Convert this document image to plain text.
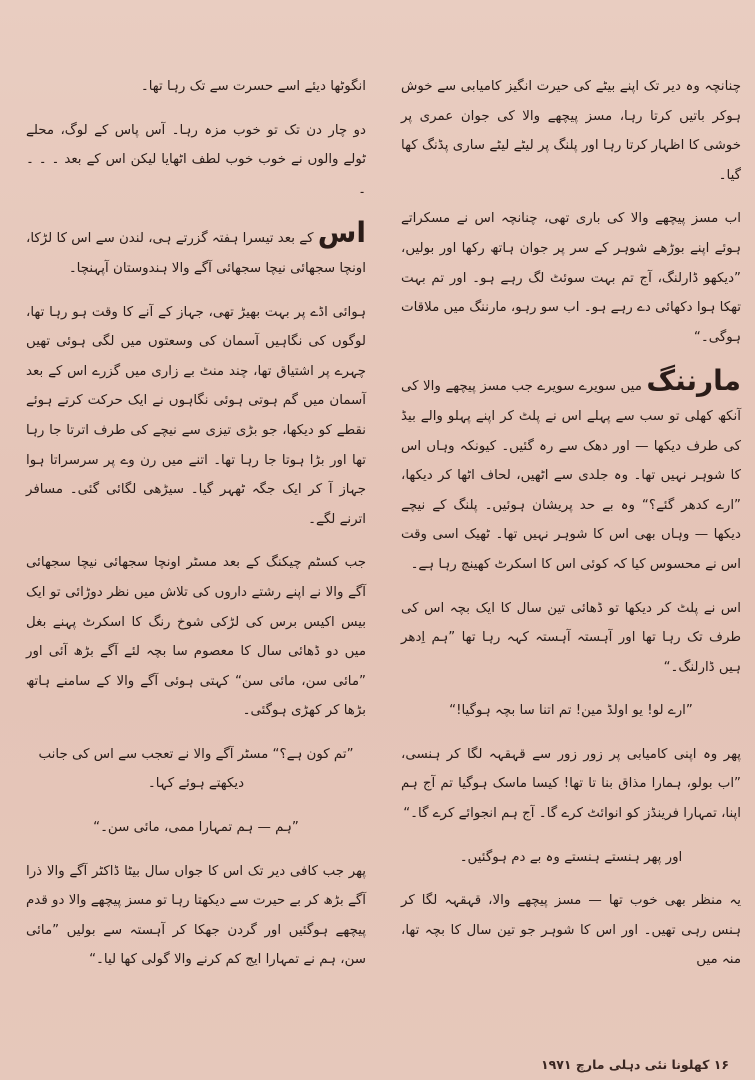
چنانچہ وہ دیر تک اپنے بیٹے کی حیرت انگیز کامیابی سے خوش ہوکر باتیں کرتا رہا، مسز پیچھے والا کی جوان عمری پر خوشی کا اظہار کرتا رہا اور پلنگ پر لیٹے لیٹے ساری پڈنگ کھا گیا۔

اب مسز پیچھے والا کی باری تھی، چنانچہ اس نے مسکراتے ہوئے اپنے بوڑھے شوہر کے سر پر جوان ہاتھ رکھا اور بولیں، ”دیکھو ڈارلنگ، آج تم بہت سوئٹ لگ رہے ہو۔ اور تم بہت تھکا ہوا دکھائی دے رہے ہو۔ اب سو رہو، مارننگ میں ملاقات ہوگی۔“

مارننگ میں سویرے سویرے جب مسز پیچھے والا کی آنکھ کھلی تو سب سے پہلے اس نے پلٹ کر اپنے پہلو والے بیڈ کی طرف دیکھا — اور دھک سے رہ گئیں۔ کیونکہ وہاں اس کا شوہر نہیں تھا۔ وہ جلدی سے اٹھیں، لحاف اٹھا کر دیکھا، ”ارے کدھر گئے؟“ وہ بے حد پریشان ہوئیں۔ پلنگ کے نیچے دیکھا — وہاں بھی اس کا شوہر نہیں تھا۔ ٹھیک اسی وقت اس نے محسوس کیا کہ کوئی اس کا اسکرٹ کھینچ رہا ہے۔

اس نے پلٹ کر دیکھا تو ڈھائی تین سال کا ایک بچہ اس کی طرف تک رہا تھا اور آہستہ آہستہ کہہ رہا تھا ”ہم اِدھر ہیں ڈارلنگ۔“

”ارے لو! یو اولڈ مین! تم اتنا سا بچہ ہوگیا!“

پھر وہ اپنی کامیابی پر زور زور سے قہقہہ لگا کر ہنسی، ”اب بولو، ہمارا مذاق بنا تا تھا! کیسا ماسک ہوگیا تم آج ہم اپنا، تمہارا فرینڈز کو انوائٹ کرے گا۔ آج ہم انجوائے کرے گا۔“

اور پھر ہنستے ہنستے وہ بے دم ہوگئیں۔

یہ منظر بھی خوب تھا — مسز پیچھے والا، قہقہہ لگا کر ہنس رہی تھیں۔ اور اس کا شوہر جو تین سال کا بچہ تھا، منہ میں

انگوٹھا دیئے اسے حسرت سے تک رہا تھا۔

دو چار دن تک تو خوب مزہ رہا۔ آس پاس کے لوگ، محلے ٹولے والوں نے خوب خوب لطف اٹھایا لیکن اس کے بعد ۔ ۔ ۔ ۔

اس کے بعد تیسرا ہفتہ گزرتے ہی، لندن سے اس کا لڑکا، اونچا سجھائی نیچا سجھائی آگے والا ہندوستان آپہنچا۔

ہوائی اڈے پر بہت بھیڑ تھی، جہاز کے آنے کا وقت ہو رہا تھا، لوگوں کی نگاہیں آسمان کی وسعتوں میں لگی ہوئی تھیں چہرے پر اشتیاق تھا، چند منٹ بے زاری میں گزرے اس کے بعد آسمان میں گم ہوتی ہوئی نگاہوں نے ایک حرکت کرتے ہوئے نقطے کو دیکھا، جو بڑی تیزی سے نیچے کی طرف اترتا جا رہا تھا اور بڑا ہوتا جا رہا تھا۔ اتنے میں رن وے پر سرسراتا ہوا جہاز آ کر ایک جگہ ٹھہر گیا۔ سیڑھی لگائی گئی۔ مسافر اترنے لگے۔

جب کسٹم چیکنگ کے بعد مسٹر اونچا سجھائی نیچا سجھائی آگے والا نے اپنے رشتے داروں کی تلاش میں نظر دوڑائی تو ایک بیس اکیس برس کی لڑکی شوخ رنگ کا اسکرٹ پہنے بغل میں دو ڈھائی سال کا معصوم سا بچہ لئے آگے بڑھ آئی اور ”مائی سن، مائی سن“ کہتی ہوئی آگے والا کے سامنے ہاتھ بڑھا کر کھڑی ہوگئی۔

”تم کون ہے؟“ مسٹر آگے والا نے تعجب سے اس کی جانب دیکھتے ہوئے کہا۔

”ہم — ہم تمہارا ممی، مائی سن۔“

پھر جب کافی دیر تک اس کا جواں سال بیٹا ڈاکٹر آگے والا ذرا آگے بڑھ کر بے حیرت سے دیکھتا رہا تو مسز پیچھے والا دو قدم پیچھے ہوگئیں اور گردن جھکا کر آہستہ سے بولیں ”مائی سن، ہم نے تمہارا ایج کم کرنے والا گولی کھا لیا۔“

۱۶ کھلونا نئی دہلی مارچ ۱۹۷۱
